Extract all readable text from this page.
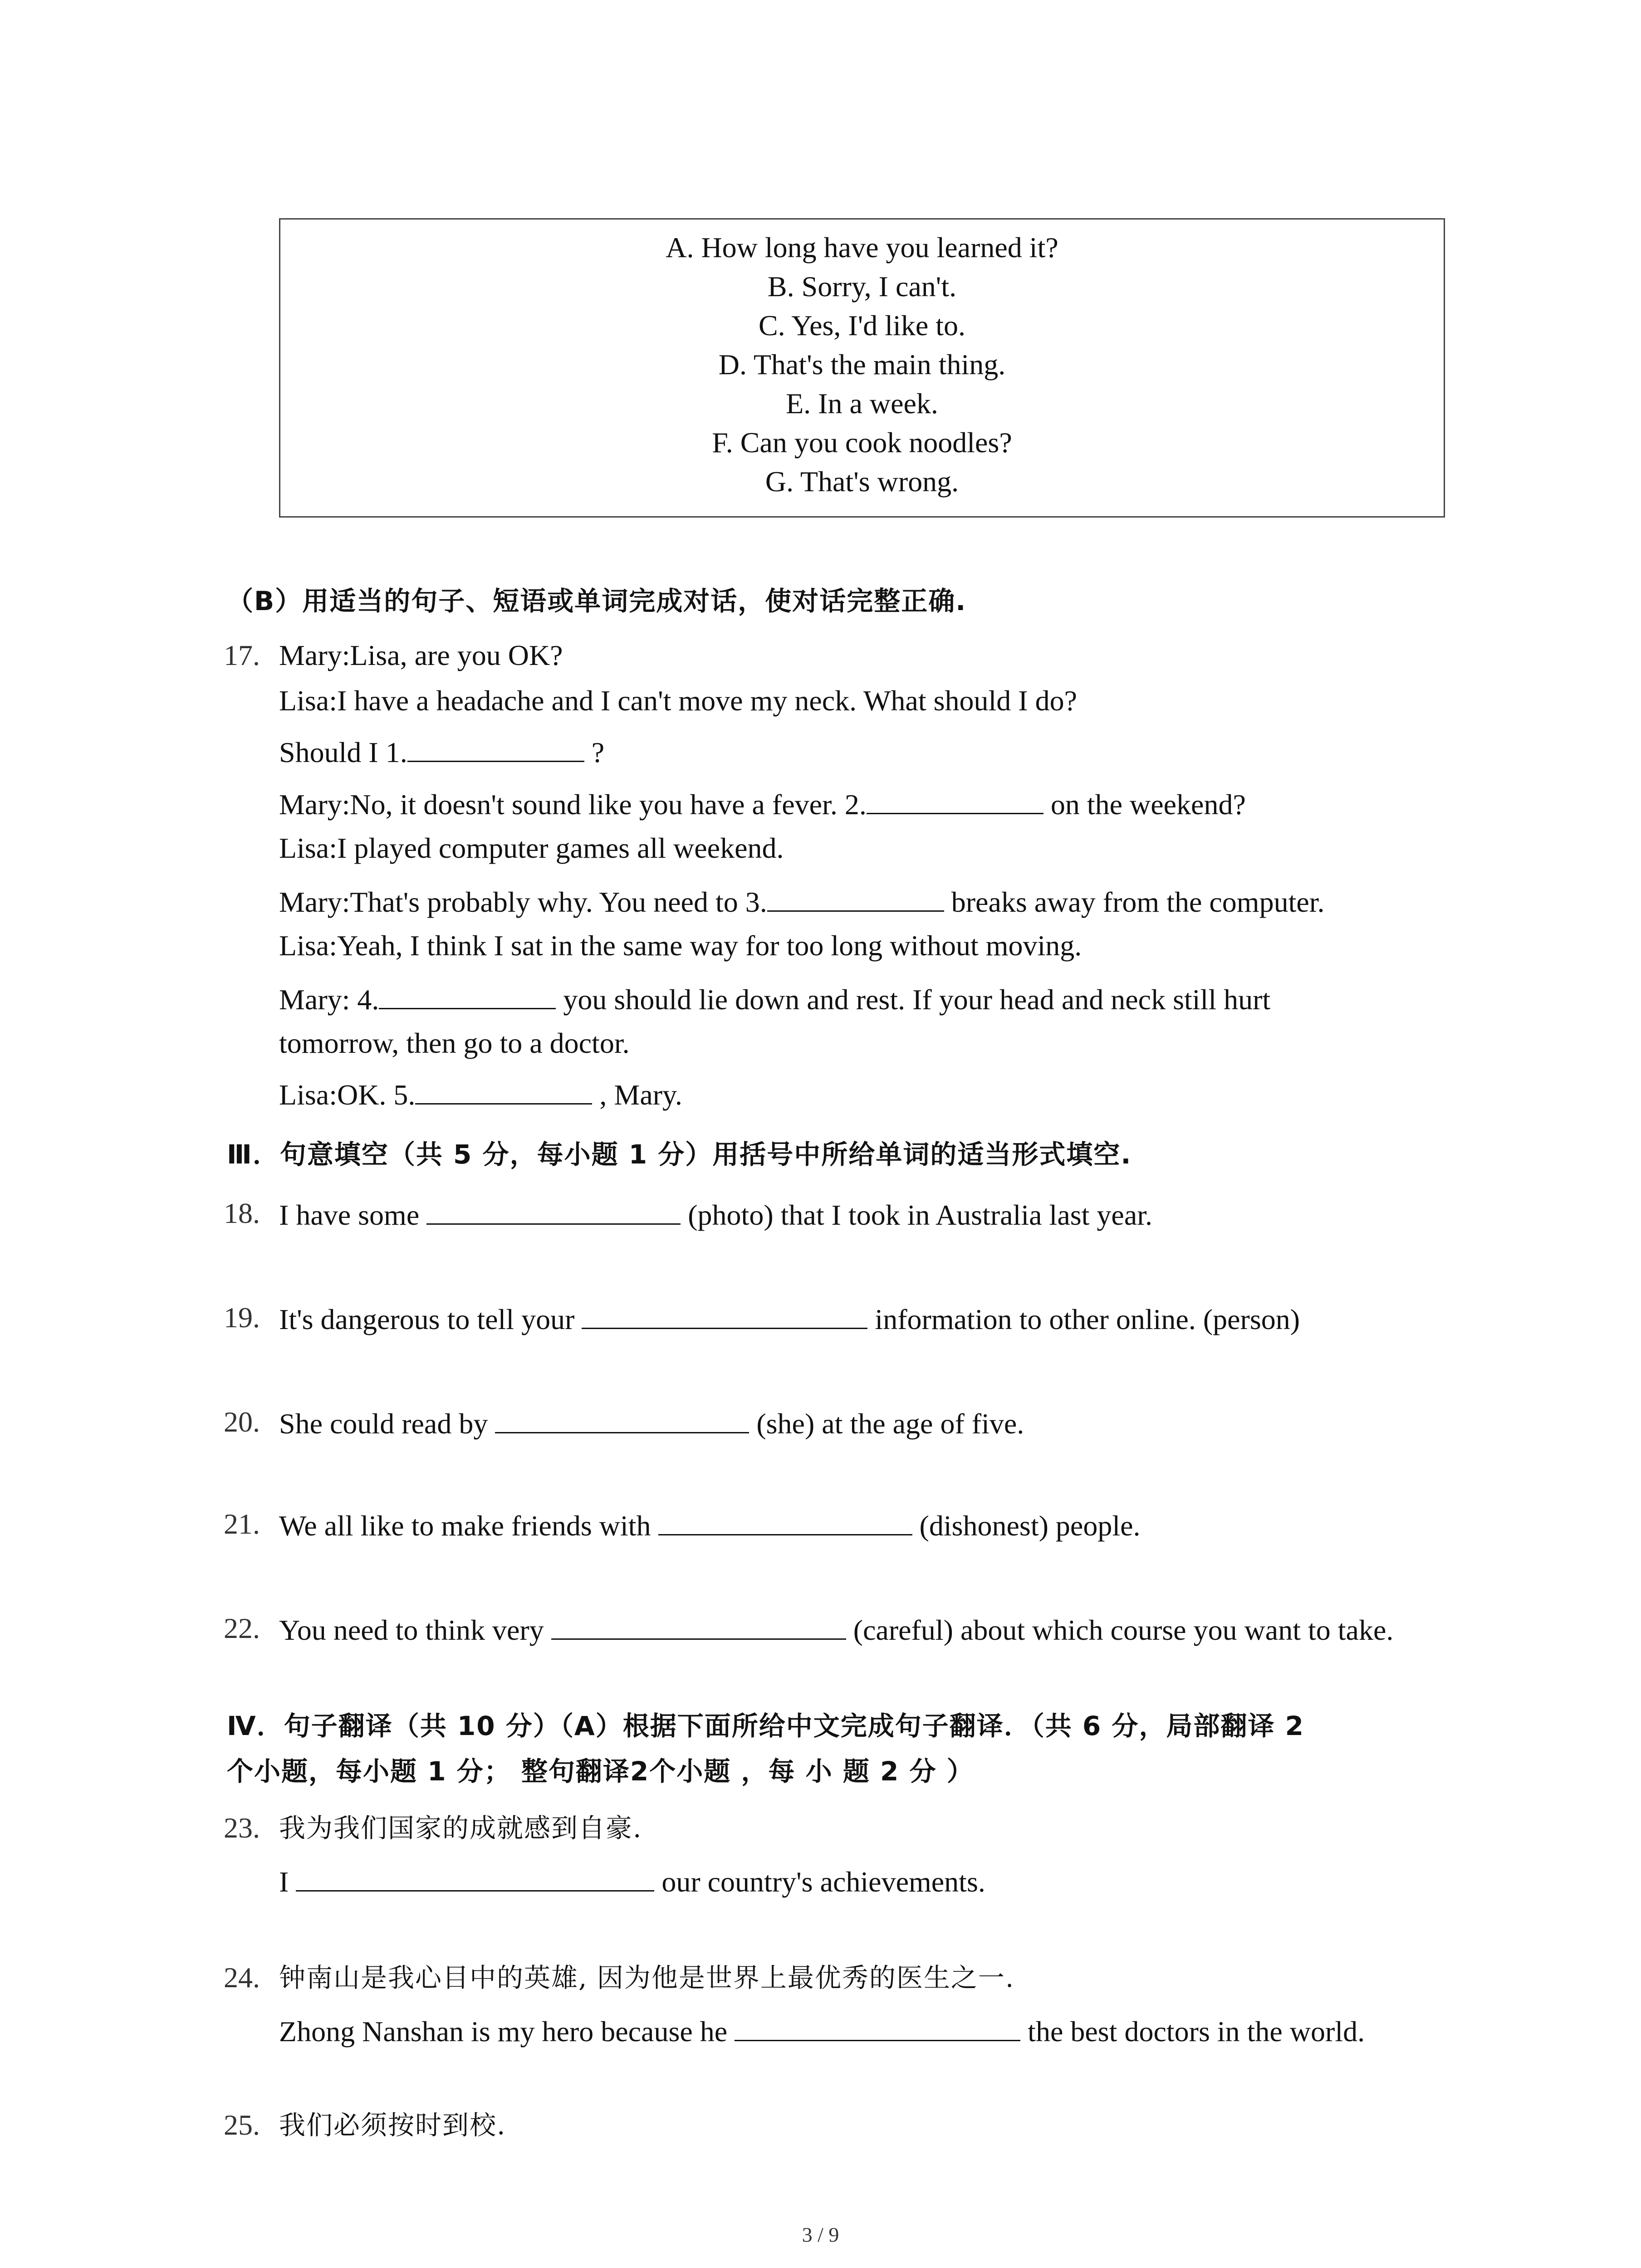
A. How long have you learned it?
B. Sorry, I can't.
C. Yes, I'd like to.
D. That's the main thing.
E. In a week.
F. Can you cook noodles?
G. That's wrong.
（B）用适当的句子、短语或单词完成对话，使对话完整正确.
17. Mary:Lisa, are you OK?
Lisa:I have a headache and I can't move my neck. What should I do?
Should I 1.	?
Mary:No, it doesn't sound like you have a fever. 2.	on the weekend?
Lisa:I played computer games all weekend.
Mary:That's probably why. You need to 3.	breaks away from the computer.
Lisa:Yeah, I think I sat in the same way for too long without moving.
Mary: 4.	you should lie down and rest. If your head and neck still hurt
tomorrow, then go to a doctor.
Lisa:OK. 5.	, Mary.
Ⅲ．句意填空（共 5 分，每小题 1 分）用括号中所给单词的适当形式填空.
18. I have some	(photo) that I took in Australia last year.
19. It's dangerous to tell your	information to other online. (person)
20. She could read by	(she) at the age of five.
21. We all like to make friends with	(dishonest) people.
22. You need to think very	(careful) about which course you want to take.
Ⅳ．句子翻译（共 10 分）（A）根据下面所给中文完成句子翻译．（共 6 分，局部翻译 2
个小题，每小题 1 分； 整句翻译2个小题 ，每 小 题 2 分 ）
23. 我为我们国家的成就感到自豪.
I	our country's achievements.
24. 钟南山是我心目中的英雄, 因为他是世界上最优秀的医生之一.
Zhong Nanshan is my hero because he	the best doctors in the world.
25. 我们必须按时到校.
3 / 9
